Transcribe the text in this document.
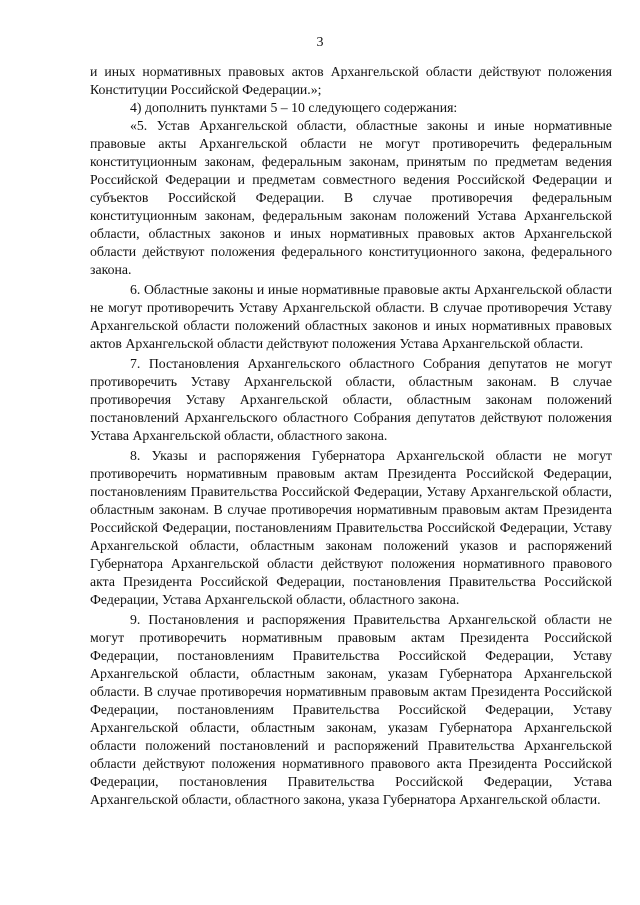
3

и иных нормативных правовых актов Архангельской области действуют положения Конституции Российской Федерации.»;

4) дополнить пунктами 5 – 10 следующего содержания:

«5. Устав Архангельской области, областные законы и иные нормативные правовые акты Архангельской области не могут противоречить федеральным конституционным законам, федеральным законам, принятым по предметам ведения Российской Федерации и предметам совместного ведения Российской Федерации и субъектов Российской Федерации. В случае противоречия федеральным конституционным законам, федеральным законам положений Устава Архангельской области, областных законов и иных нормативных правовых актов Архангельской области действуют положения федерального конституционного закона, федерального закона.

6. Областные законы и иные нормативные правовые акты Архангельской области не могут противоречить Уставу Архангельской области. В случае противоречия Уставу Архангельской области положений областных законов и иных нормативных правовых актов Архангельской области действуют положения Устава Архангельской области.

7. Постановления Архангельского областного Собрания депутатов не могут противоречить Уставу Архангельской области, областным законам. В случае противоречия Уставу Архангельской области, областным законам положений постановлений Архангельского областного Собрания депутатов действуют положения Устава Архангельской области, областного закона.

8. Указы и распоряжения Губернатора Архангельской области не могут противоречить нормативным правовым актам Президента Российской Федерации, постановлениям Правительства Российской Федерации, Уставу Архангельской области, областным законам. В случае противоречия нормативным правовым актам Президента Российской Федерации, постановлениям Правительства Российской Федерации, Уставу Архангельской области, областным законам положений указов и распоряжений Губернатора Архангельской области действуют положения нормативного правового акта Президента Российской Федерации, постановления Правительства Российской Федерации, Устава Архангельской области, областного закона.

9. Постановления и распоряжения Правительства Архангельской области не могут противоречить нормативным правовым актам Президента Российской Федерации, постановлениям Правительства Российской Федерации, Уставу Архангельской области, областным законам, указам Губернатора Архангельской области. В случае противоречия нормативным правовым актам Президента Российской Федерации, постановлениям Правительства Российской Федерации, Уставу Архангельской области, областным законам, указам Губернатора Архангельской области положений постановлений и распоряжений Правительства Архангельской области действуют положения нормативного правового акта Президента Российской Федерации, постановления Правительства Российской Федерации, Устава Архангельской области, областного закона, указа Губернатора Архангельской области.
